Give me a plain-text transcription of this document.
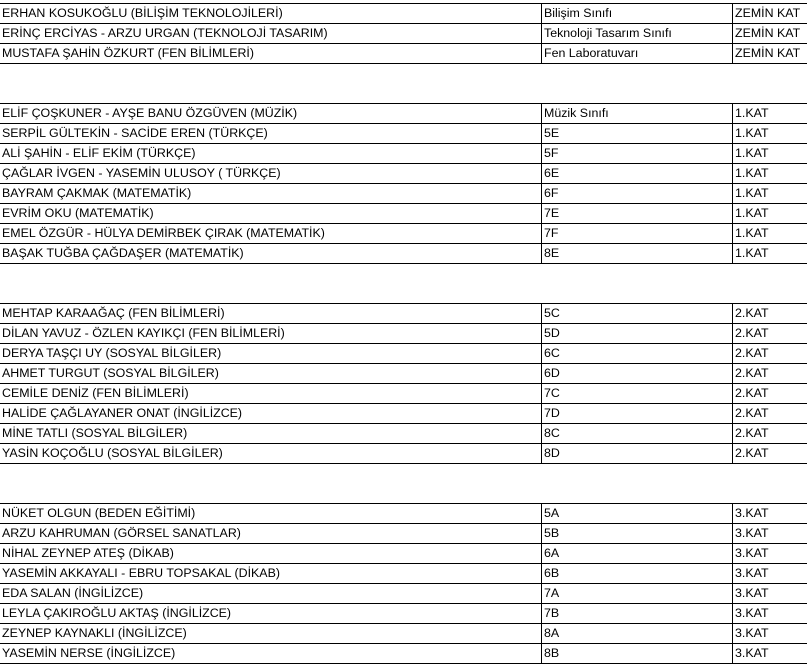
ERHAN KOSUKOĞLU (BİLİŞİM TEKNOLOJİLERİ)	Bilişim Sınıfı	ZEMİN KAT
ERİNÇ ERCİYAS - ARZU URGAN (TEKNOLOJİ TASARIM)	Teknoloji Tasarım Sınıfı	ZEMİN KAT
MUSTAFA ŞAHİN ÖZKURT (FEN BİLİMLERİ)	Fen Laboratuvarı	ZEMİN KAT

ELİF ÇOŞKUNER - AYŞE BANU ÖZGÜVEN (MÜZİK)	Müzik Sınıfı	1.KAT
SERPİL GÜLTEKİN - SACİDE EREN (TÜRKÇE)	5E	1.KAT
ALİ ŞAHİN - ELİF EKİM (TÜRKÇE)	5F	1.KAT
ÇAĞLAR İVGEN - YASEMİN ULUSOY ( TÜRKÇE)	6E	1.KAT
BAYRAM ÇAKMAK (MATEMATİK)	6F	1.KAT
EVRİM OKU (MATEMATİK)	7E	1.KAT
EMEL ÖZGÜR - HÜLYA DEMİRBEK ÇIRAK (MATEMATİK)	7F	1.KAT
BAŞAK TUĞBA ÇAĞDAŞER (MATEMATİK)	8E	1.KAT

MEHTAP KARAAĞAÇ (FEN BİLİMLERİ)	5C	2.KAT
DİLAN YAVUZ - ÖZLEN KAYIKÇI (FEN BİLİMLERİ)	5D	2.KAT
DERYA TAŞÇI UY (SOSYAL BİLGİLER)	6C	2.KAT
AHMET TURGUT (SOSYAL BİLGİLER)	6D	2.KAT
CEMİLE DENİZ (FEN BİLİMLERİ)	7C	2.KAT
HALİDE ÇAĞLAYANER ONAT (İNGİLİZCE)	7D	2.KAT
MİNE TATLI (SOSYAL BİLGİLER)	8C	2.KAT
YASİN KOÇOĞLU (SOSYAL BİLGİLER)	8D	2.KAT

NÜKET OLGUN (BEDEN EĞİTİMİ)	5A	3.KAT
ARZU KAHRUMAN (GÖRSEL SANATLAR)	5B	3.KAT
NİHAL ZEYNEP ATEŞ (DİKAB)	6A	3.KAT
YASEMİN AKKAYALI - EBRU TOPSAKAL (DİKAB)	6B	3.KAT
EDA SALAN (İNGİLİZCE)	7A	3.KAT
LEYLA ÇAKIROĞLU AKTAŞ (İNGİLİZCE)	7B	3.KAT
ZEYNEP KAYNAKLI (İNGİLİZCE)	8A	3.KAT
YASEMİN NERSE (İNGİLİZCE)	8B	3.KAT
